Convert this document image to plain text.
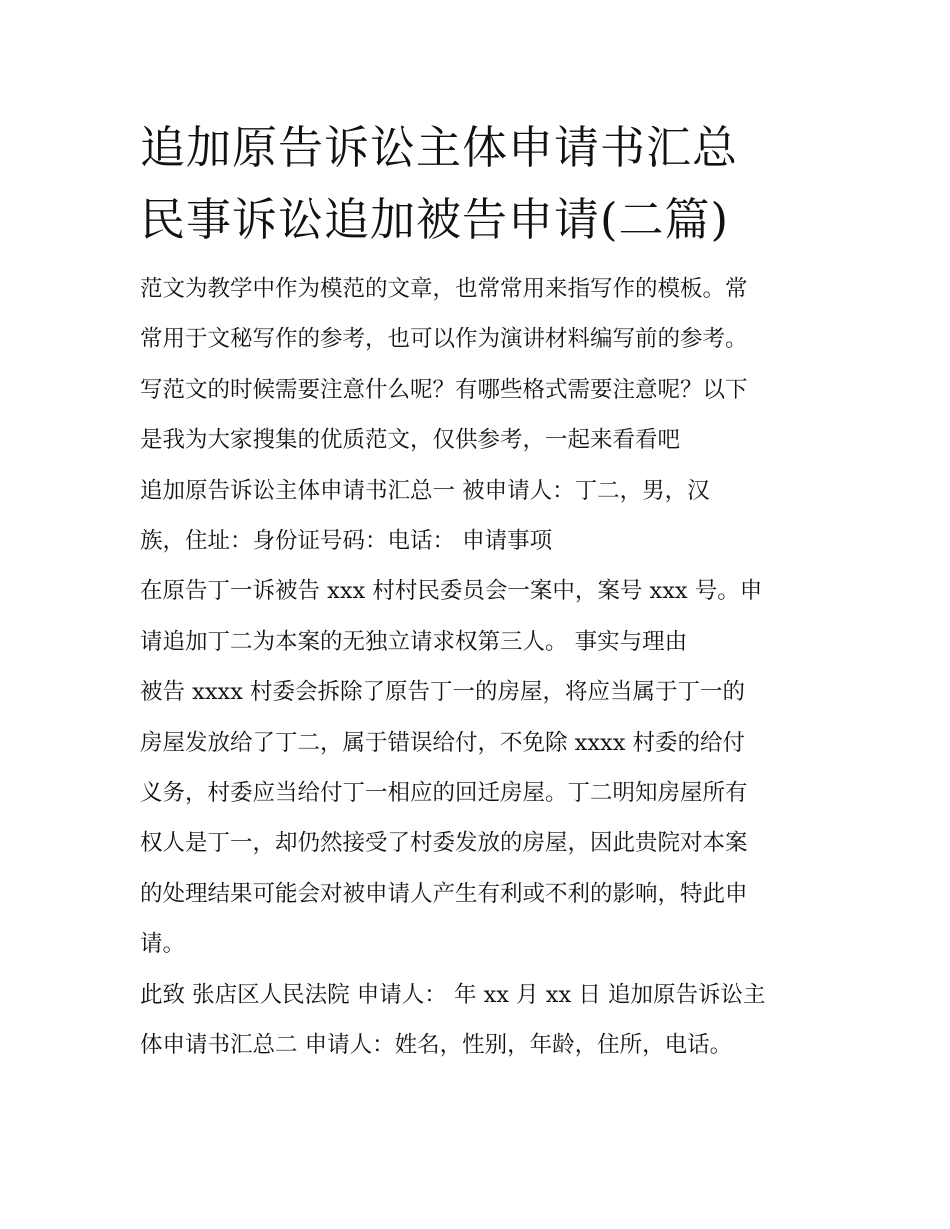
追加原告诉讼主体申请书汇总
民事诉讼追加被告申请(二篇)
范文为教学中作为模范的文章，也常常用来指写作的模板。常
常用于文秘写作的参考，也可以作为演讲材料编写前的参考。
写范文的时候需要注意什么呢？有哪些格式需要注意呢？以下
是我为大家搜集的优质范文，仅供参考，一起来看看吧
追加原告诉讼主体申请书汇总一 被申请人：丁二，男，汉
族，住址：身份证号码：电话： 申请事项
在原告丁一诉被告 xxx 村村民委员会一案中，案号 xxx 号。申
请追加丁二为本案的无独立请求权第三人。 事实与理由
被告 xxxx 村委会拆除了原告丁一的房屋，将应当属于丁一的
房屋发放给了丁二，属于错误给付，不免除 xxxx 村委的给付
义务，村委应当给付丁一相应的回迁房屋。丁二明知房屋所有
权人是丁一，却仍然接受了村委发放的房屋，因此贵院对本案
的处理结果可能会对被申请人产生有利或不利的影响，特此申
请。
此致 张店区人民法院 申请人： 年 xx 月 xx 日 追加原告诉讼主
体申请书汇总二 申请人：姓名，性别，年龄，住所，电话。
